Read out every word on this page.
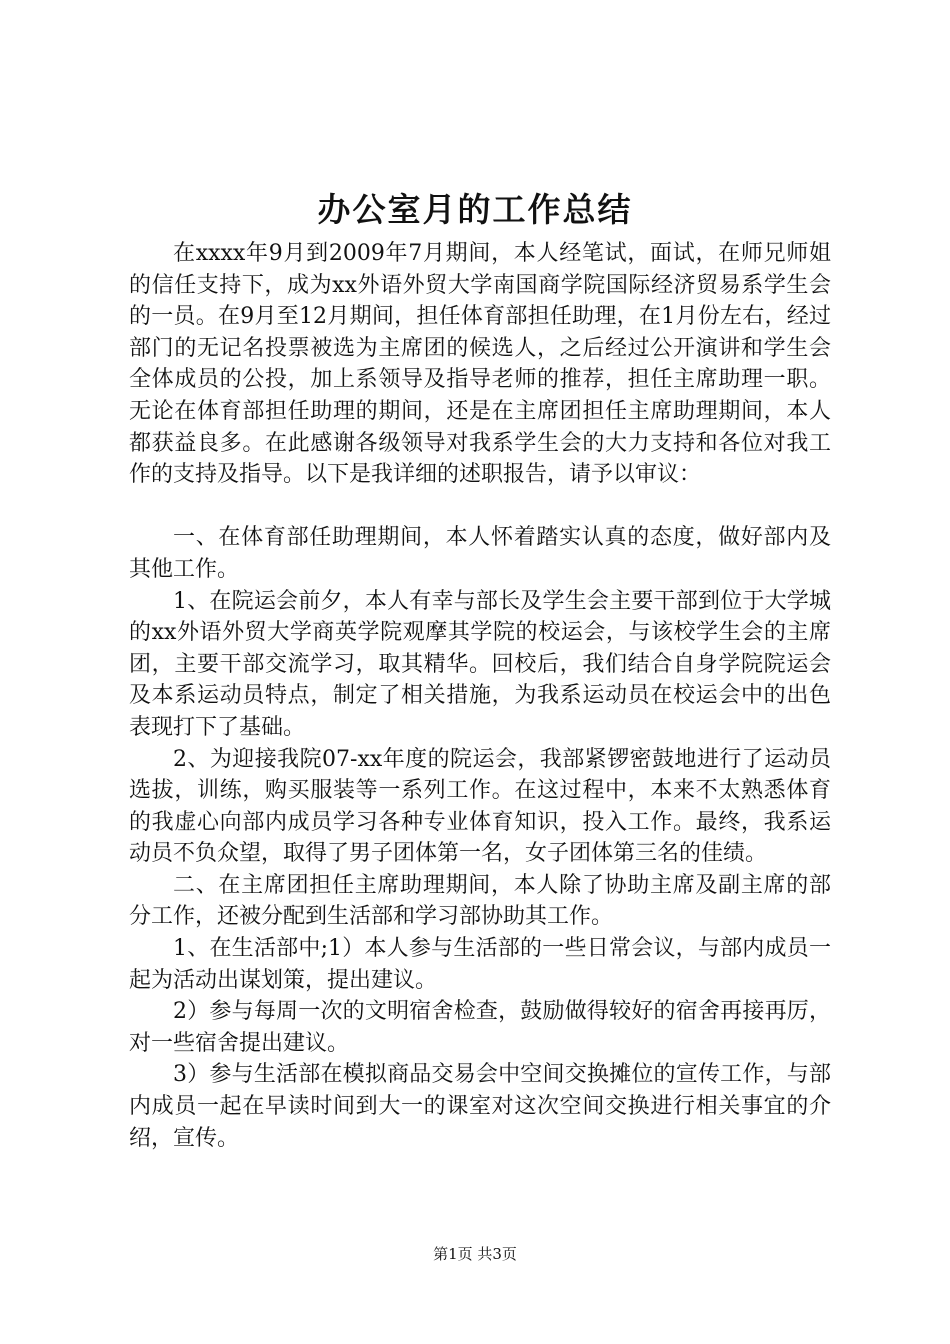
办公室月的工作总结

在xxxx年9月到2009年7月期间，本人经笔试，面试，在师兄师姐的信任支持下，成为xx外语外贸大学南国商学院国际经济贸易系学生会的一员。在9月至12月期间，担任体育部担任助理，在1月份左右，经过部门的无记名投票被选为主席团的候选人，之后经过公开演讲和学生会全体成员的公投，加上系领导及指导老师的推荐，担任主席助理一职。无论在体育部担任助理的期间，还是在主席团担任主席助理期间，本人都获益良多。在此感谢各级领导对我系学生会的大力支持和各位对我工作的支持及指导。以下是我详细的述职报告，请予以审议：

一、在体育部任助理期间，本人怀着踏实认真的态度，做好部内及其他工作。

1、在院运会前夕，本人有幸与部长及学生会主要干部到位于大学城的xx外语外贸大学商英学院观摩其学院的校运会，与该校学生会的主席团，主要干部交流学习，取其精华。回校后，我们结合自身学院院运会及本系运动员特点，制定了相关措施，为我系运动员在校运会中的出色表现打下了基础。

2、为迎接我院07-xx年度的院运会，我部紧锣密鼓地进行了运动员选拔，训练，购买服装等一系列工作。在这过程中，本来不太熟悉体育的我虚心向部内成员学习各种专业体育知识，投入工作。最终，我系运动员不负众望，取得了男子团体第一名，女子团体第三名的佳绩。

二、在主席团担任主席助理期间，本人除了协助主席及副主席的部分工作，还被分配到生活部和学习部协助其工作。

1、在生活部中;1）本人参与生活部的一些日常会议，与部内成员一起为活动出谋划策，提出建议。

2）参与每周一次的文明宿舍检查，鼓励做得较好的宿舍再接再厉，对一些宿舍提出建议。

3）参与生活部在模拟商品交易会中空间交换摊位的宣传工作，与部内成员一起在早读时间到大一的课室对这次空间交换进行相关事宜的介绍，宣传。

第1页 共3页
